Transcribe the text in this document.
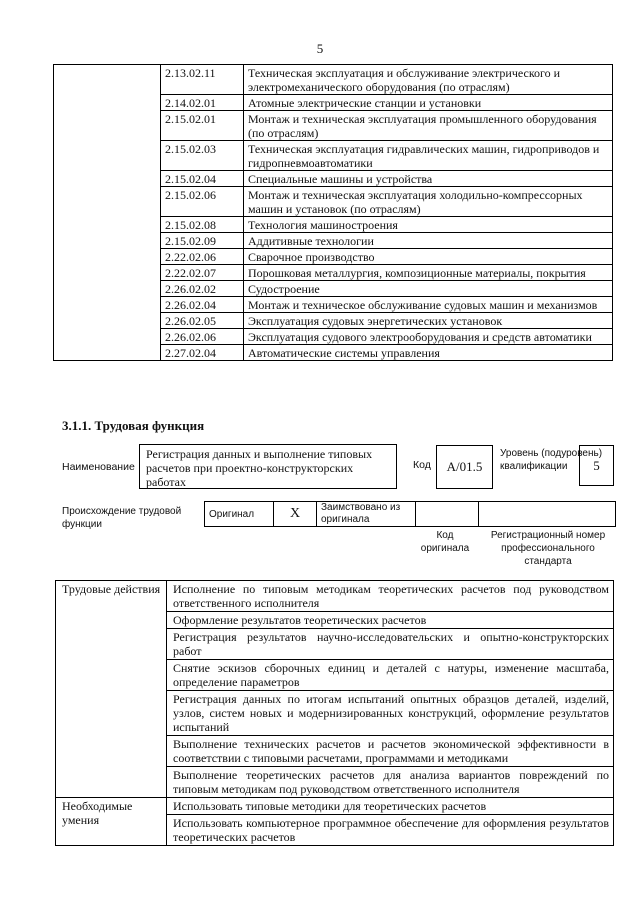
5
	2.13.02.11	Техническая эксплуатация и обслуживание электрического и электромеханического оборудования (по отраслям)
	2.14.02.01	Атомные электрические станции и установки
	2.15.02.01	Монтаж и техническая эксплуатация промышленного оборудования (по отраслям)
	2.15.02.03	Техническая эксплуатация гидравлических машин, гидроприводов и гидропневмоавтоматики
	2.15.02.04	Специальные машины и устройства
	2.15.02.06	Монтаж и техническая эксплуатация холодильно-компрессорных машин и установок (по отраслям)
	2.15.02.08	Технология машиностроения
	2.15.02.09	Аддитивные технологии
	2.22.02.06	Сварочное производство
	2.22.02.07	Порошковая металлургия, композиционные материалы, покрытия
	2.26.02.02	Судостроение
	2.26.02.04	Монтаж и техническое обслуживание судовых машин и механизмов
	2.26.02.05	Эксплуатация судовых энергетических установок
	2.26.02.06	Эксплуатация судового электрооборудования и средств автоматики
	2.27.02.04	Автоматические системы управления
3.1.1. Трудовая функция
Наименование
Регистрация данных и выполнение типовых расчетов при проектно-конструкторских работах
Код	A/01.5
Уровень (подуровень) квалификации	5
Происхождение трудовой функции
Оригинал	X	Заимствовано из оригинала		
Код оригинала
Регистрационный номер профессионального стандарта
Трудовые действия	Исполнение по типовым методикам теоретических расчетов под руководством ответственного исполнителя
	Оформление результатов теоретических расчетов
	Регистрация результатов научно-исследовательских и опытно-конструкторских работ
	Снятие эскизов сборочных единиц и деталей с натуры, изменение масштаба, определение параметров
	Регистрация данных по итогам испытаний опытных образцов деталей, изделий, узлов, систем новых и модернизированных конструкций, оформление результатов испытаний
	Выполнение технических расчетов и расчетов экономической эффективности в соответствии с типовыми расчетами, программами и методиками
	Выполнение теоретических расчетов для анализа вариантов повреждений по типовым методикам под руководством ответственного исполнителя
Необходимые умения	Использовать типовые методики для теоретических расчетов
	Использовать компьютерное программное обеспечение для оформления результатов теоретических расчетов
